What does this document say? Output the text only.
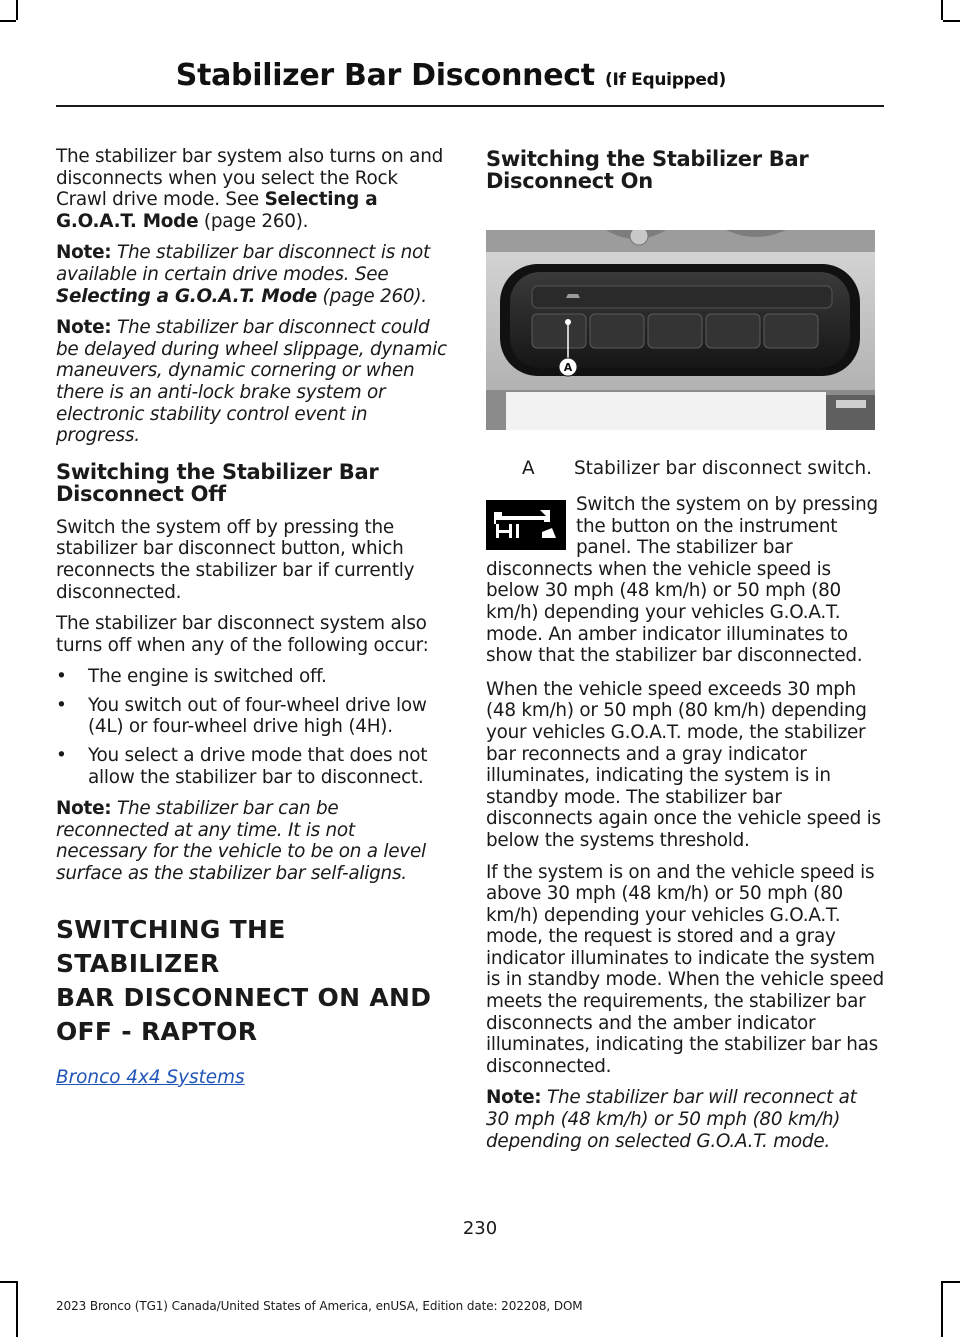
Stabilizer Bar Disconnect (If Equipped)

The stabilizer bar system also turns on and disconnects when you select the Rock Crawl drive mode. See Selecting a G.O.A.T. Mode (page 260).

Note: The stabilizer bar disconnect is not available in certain drive modes. See Selecting a G.O.A.T. Mode (page 260).

Note: The stabilizer bar disconnect could be delayed during wheel slippage, dynamic maneuvers, dynamic cornering or when there is an anti-lock brake system or electronic stability control event in progress.

Switching the Stabilizer Bar Disconnect Off

Switch the system off by pressing the stabilizer bar disconnect button, which reconnects the stabilizer bar if currently disconnected.

The stabilizer bar disconnect system also turns off when any of the following occur:

• The engine is switched off.
• You switch out of four-wheel drive low (4L) or four-wheel drive high (4H).
• You select a drive mode that does not allow the stabilizer bar to disconnect.

Note: The stabilizer bar can be reconnected at any time. It is not necessary for the vehicle to be on a level surface as the stabilizer bar self-aligns.

SWITCHING THE STABILIZER
BAR DISCONNECT ON AND
OFF - RAPTOR
Bronco 4x4 Systems
Switching the Stabilizer Bar Disconnect On
A
A Stabilizer bar disconnect switch.

Switch the system on by pressing the button on the instrument panel. The stabilizer bar disconnects when the vehicle speed is below 30 mph (48 km/h) or 50 mph (80 km/h) depending your vehicles G.O.A.T. mode. An amber indicator illuminates to show that the stabilizer bar disconnected.

When the vehicle speed exceeds 30 mph (48 km/h) or 50 mph (80 km/h) depending your vehicles G.O.A.T. mode, the stabilizer bar reconnects and a gray indicator illuminates, indicating the system is in standby mode. The stabilizer bar disconnects again once the vehicle speed is below the systems threshold.

If the system is on and the vehicle speed is above 30 mph (48 km/h) or 50 mph (80 km/h) depending your vehicles G.O.A.T. mode, the request is stored and a gray indicator illuminates to indicate the system is in standby mode. When the vehicle speed meets the requirements, the stabilizer bar disconnects and the amber indicator illuminates, indicating the stabilizer bar has disconnected.

Note: The stabilizer bar will reconnect at 30 mph (48 km/h) or 50 mph (80 km/h) depending on selected G.O.A.T. mode.

230
2023 Bronco (TG1) Canada/United States of America, enUSA, Edition date: 202208, DOM
